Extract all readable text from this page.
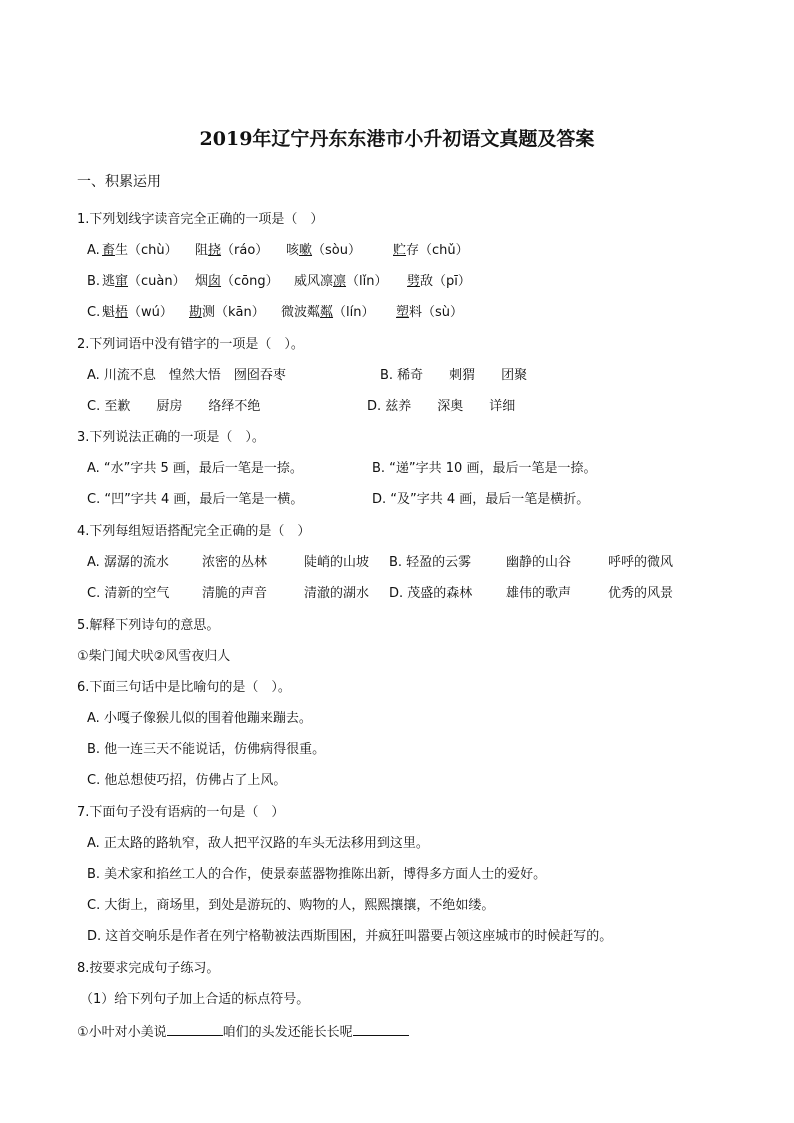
2019年辽宁丹东东港市小升初语文真题及答案
一、积累运用
1.下列划线字读音完全正确的一项是（　）
A. 畜生（chù） 阻挠（ráo） 咳嗽（sòu） 贮存（chǔ）
B. 逃窜（cuàn） 烟囱（cōng） 威风凛凛（lǐn） 劈敌（pī）
C. 魁梧（wú） 勘测（kān） 微波粼粼（lín） 塑料（sù）
2.下列词语中没有错字的一项是（　）。
A. 川流不息　惶然大悟　囫囵吞枣	B. 稀奇　　刺猬　　团聚
C. 至歉　　厨房　　络绎不绝	D. 兹养　　深奥　　详细
3.下列说法正确的一项是（　）。
A. “水”字共 5 画，最后一笔是一捺。	B. “递”字共 10 画，最后一笔是一捺。
C. “凹”字共 4 画，最后一笔是一横。	D. “及”字共 4 画，最后一笔是横折。
4.下列每组短语搭配完全正确的是（　）
A. 潺潺的流水	浓密的丛林	陡峭的山坡 B. 轻盈的云雾	幽静的山谷	呼呼的微风
C. 清新的空气	清脆的声音	清澈的湖水 D. 茂盛的森林	雄伟的歌声	优秀的风景
5.解释下列诗句的意思。
①柴门闻犬吠②风雪夜归人
6.下面三句话中是比喻句的是（　）。
A. 小嘎子像猴儿似的围着他蹦来蹦去。
B. 他一连三天不能说话，仿佛病得很重。
C. 他总想使巧招，仿佛占了上风。
7.下面句子没有语病的一句是（　）
A. 正太路的路轨窄，敌人把平汉路的车头无法移用到这里。
B. 美术家和掐丝工人的合作，使景泰蓝器物推陈出新，博得多方面人士的爱好。
C. 大街上，商场里，到处是游玩的、购物的人，熙熙攘攘，不绝如缕。
D. 这首交响乐是作者在列宁格勒被法西斯围困，并疯狂叫嚣要占领这座城市的时候赶写的。
8.按要求完成句子练习。
（1）给下列句子加上合适的标点符号。
①小叶对小美说	咱们的头发还能长长呢
